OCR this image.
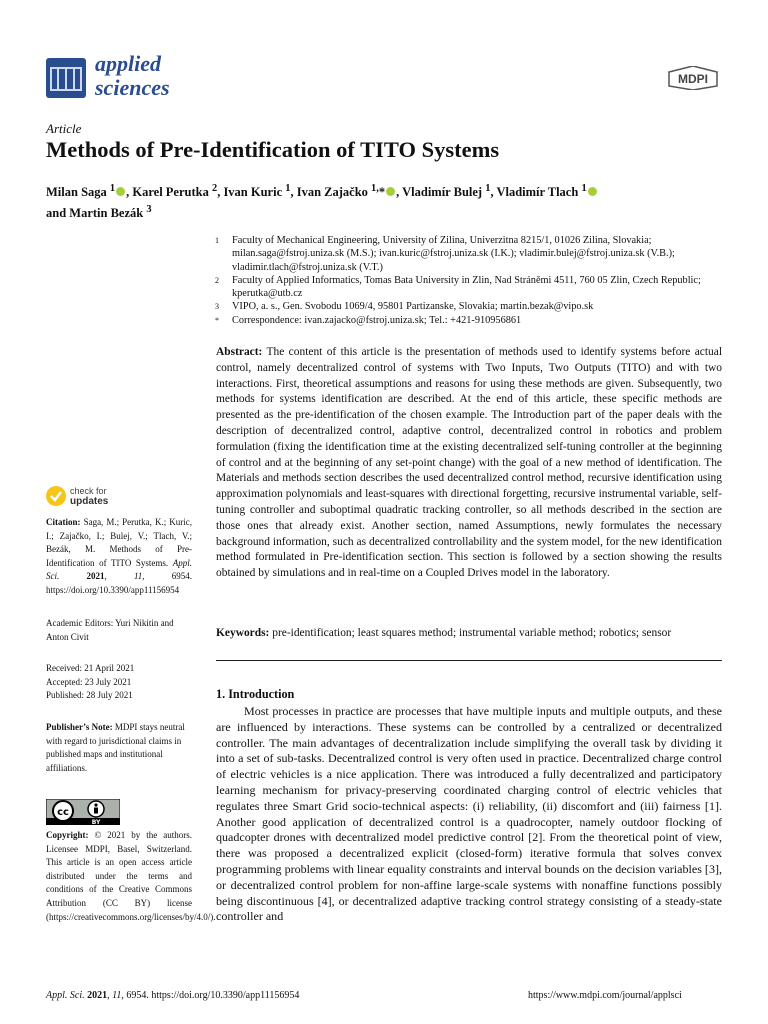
applied
sciences	MDPI
Article
Methods of Pre-Identification of TITO Systems
Milan Saga $^1$ , Karel Perutka $^2$, Ivan Kuric $^1$, Ivan Zajačko $^{1,}$* , Vladimír Bulej $^1$, Vladimír Tlach $^1$
and Martin Bezák $^3$
1	Faculty of Mechanical Engineering, University of Zilina, Univerzitna 8215/1, 01026 Zilina, Slovakia; milan.saga@fstroj.uniza.sk (M.S.); ivan.kuric@fstroj.uniza.sk (I.K.); vladimir.bulej@fstroj.uniza.sk (V.B.); vladimir.tlach@fstroj.uniza.sk (V.T.)
2	Faculty of Applied Informatics, Tomas Bata University in Zlin, Nad Stráněmi 4511, 760 05 Zlin, Czech Republic; kperutka@utb.cz
3	VIPO, a. s., Gen. Svobodu 1069/4, 95801 Partizanske, Slovakia; martin.bezak@vipo.sk
*	Correspondence: ivan.zajacko@fstroj.uniza.sk; Tel.: +421-910956861
Abstract: The content of this article is the presentation of methods used to identify systems before actual control, namely decentralized control of systems with Two Inputs, Two Outputs (TITO) and with two interactions. First, theoretical assumptions and reasons for using these methods are given. Subsequently, two methods for systems identification are described. At the end of this article, these specific methods are presented as the pre-identification of the chosen example. The Introduction part of the paper deals with the description of decentralized control, adaptive control, decentralized control in robotics and problem formulation (fixing the identification time at the existing decentralized self-tuning controller at the beginning of control and at the beginning of any set-point change) with the goal of a new method of identification. The Materials and methods section describes the used decentralized control method, recursive identification using approximation polynomials and least-squares with directional forgetting, recursive instrumental variable, self-tuning controller and suboptimal quadratic tracking controller, so all methods described in the section are those ones that already exist. Another section, named Assumptions, newly formulates the necessary background information, such as decentralized controllability and the system model, for the new identification method formulated in Pre-identification section. This section is followed by a section showing the results obtained by simulations and in real-time on a Coupled Drives model in the laboratory.
Keywords: pre-identification; least squares method; instrumental variable method; robotics; sensor
1. Introduction
Most processes in practice are processes that have multiple inputs and multiple outputs, and these are influenced by interactions. These systems can be controlled by a centralized or decentralized controller. The main advantages of decentralization include simplifying the overall task by dividing it into a set of sub-tasks. Decentralized control is very often used in practice. Decentralized charge control of electric vehicles is a nice application. There was introduced a fully decentralized and participatory learning mechanism for privacy-preserving coordinated charging control of electric vehicles that regulates three Smart Grid socio-technical aspects: (i) reliability, (ii) discomfort and (iii) fairness [1]. Another good application of decentralized control is a quadrocopter, namely outdoor flocking of quadcopter drones with decentralized model predictive control [2]. From the theoretical point of view, there was proposed a decentralized explicit (closed-form) iterative formula that solves convex programming problems with linear equality constraints and interval bounds on the decision variables [3], or decentralized control problem for non-affine large-scale systems with nonaffine functions possibly being discontinuous [4], or decentralized adaptive tracking control strategy consisting of a steady-state controller and
check for
updates
Citation: Saga, M.; Perutka, K.; Kuric, I.; Zajačko, I.; Bulej, V.; Tlach, V.; Bezák, M. Methods of Pre-Identification of TITO Systems. Appl. Sci.	2021, 11, 6954. https://doi.org/10.3390/app11156954
Academic Editors: Yuri Nikitin and Anton Civit
Received: 21 April 2021
Accepted: 23 July 2021
Published: 28 July 2021
Publisher’s Note: MDPI stays neutral with regard to jurisdictional claims in published maps and institutional affiliations.
cc
BY
Copyright: © 2021 by the authors. Licensee MDPI, Basel, Switzerland. This article is an open access article distributed under the terms and conditions of the Creative Commons Attribution (CC BY) license (https://creativecommons.org/licenses/by/4.0/).
Appl. Sci. 2021, 11, 6954. https://doi.org/10.3390/app11156954	https://www.mdpi.com/journal/applsci
